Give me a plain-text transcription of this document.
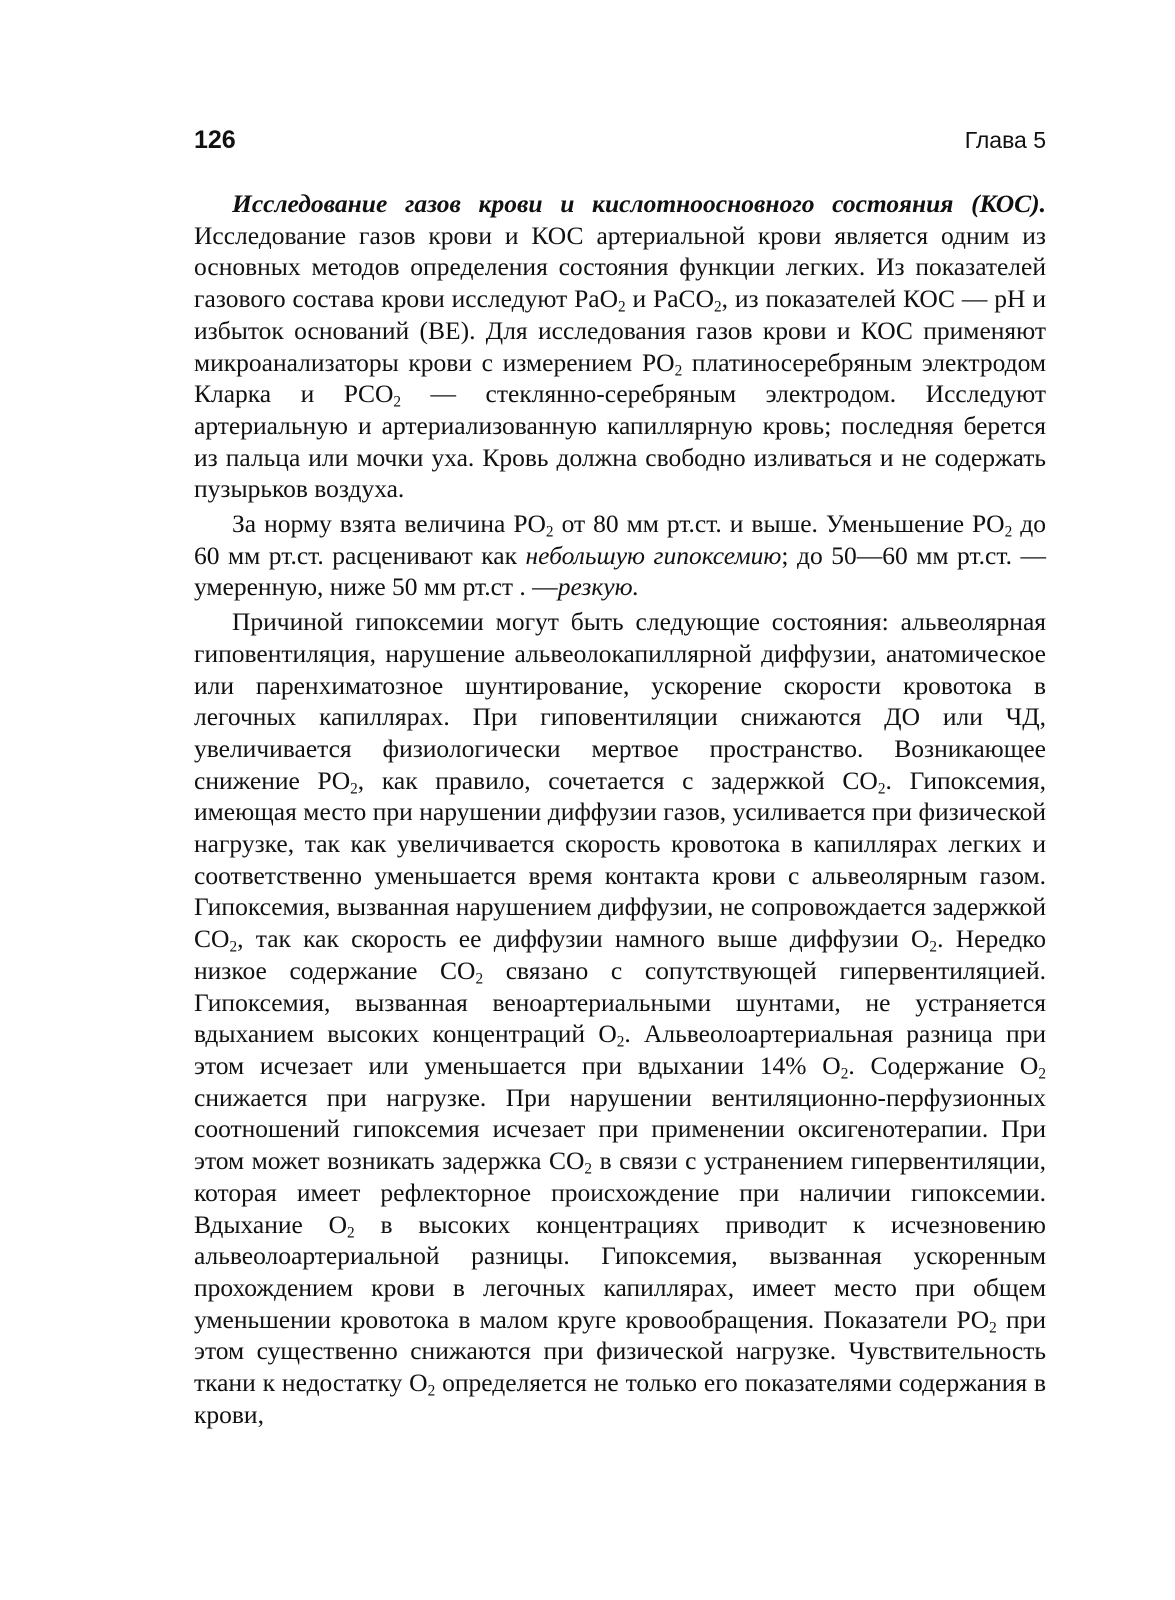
126	Глава 5

Исследование газов крови и кислотноосновного состояния (КОС). Исследование газов крови и КОС артериальной крови является одним из основных методов определения состояния функции легких. Из показателей газового состава крови исследуют PaO$_2$ и PaCO$_2$, из показателей КОС — pH и избыток оснований (BE). Для исследования газов крови и КОС применяют микроанализаторы крови с измерением $PO_2$ платиносеребряным электродом Кларка и $PCO_2$ — стеклянно-серебряным электродом. Исследуют артериальную и артериализованную капиллярную кровь; последняя берется из пальца или мочки уха. Кровь должна свободно изливаться и не содержать пузырьков воздуха.

За норму взята величина $PO_2$ от 80 мм рт.ст. и выше. Уменьшение $PO_2$ до 60 мм рт.ст. расценивают как небольшую гипоксемию; до 50—60 мм рт.ст. — умеренную, ниже 50 мм рт.ст . —резкую.

Причиной гипоксемии могут быть следующие состояния: альвеолярная гиповентиляция, нарушение альвеолокапиллярной диффузии, анатомическое или паренхиматозное шунтирование, ускорение скорости кровотока в легочных капиллярах. При гиповентиляции снижаются ДО или ЧД, увеличивается физиологически мертвое пространство. Возникающее снижение $PO_2$, как правило, сочетается с задержкой $CO_2$. Гипоксемия, имеющая место при нарушении диффузии газов, усиливается при физической нагрузке, так как увеличивается скорость кровотока в капиллярах легких и соответственно уменьшается время контакта крови с альвеолярным газом. Гипоксемия, вызванная нарушением диффузии, не сопровождается задержкой $CO_2$, так как скорость ее диффузии намного выше диффузии $O_2$. Нередко низкое содержание $CO_2$ связано с сопутствующей гипервентиляцией. Гипоксемия, вызванная веноартериальными шунтами, не устраняется вдыханием высоких концентраций $O_2$. Альвеолоартериальная разница при этом исчезает или уменьшается при вдыхании 14% $O_2$. Содержание $O_2$ снижается при нагрузке. При нарушении вентиляционно-перфузионных соотношений гипоксемия исчезает при применении оксигенотерапии. При этом может возникать задержка $CO_2$ в связи с устранением гипервентиляции, которая имеет рефлекторное происхождение при наличии гипоксемии. Вдыхание $O_2$ в высоких концентрациях приводит к исчезновению альвеолоартериальной разницы. Гипоксемия, вызванная ускоренным прохождением крови в легочных капиллярах, имеет место при общем уменьшении кровотока в малом круге кровообращения. Показатели $PO_2$ при этом существенно снижаются при физической нагрузке. Чувствительность ткани к недостатку $O_2$ определяется не только его показателями содержания в крови,
